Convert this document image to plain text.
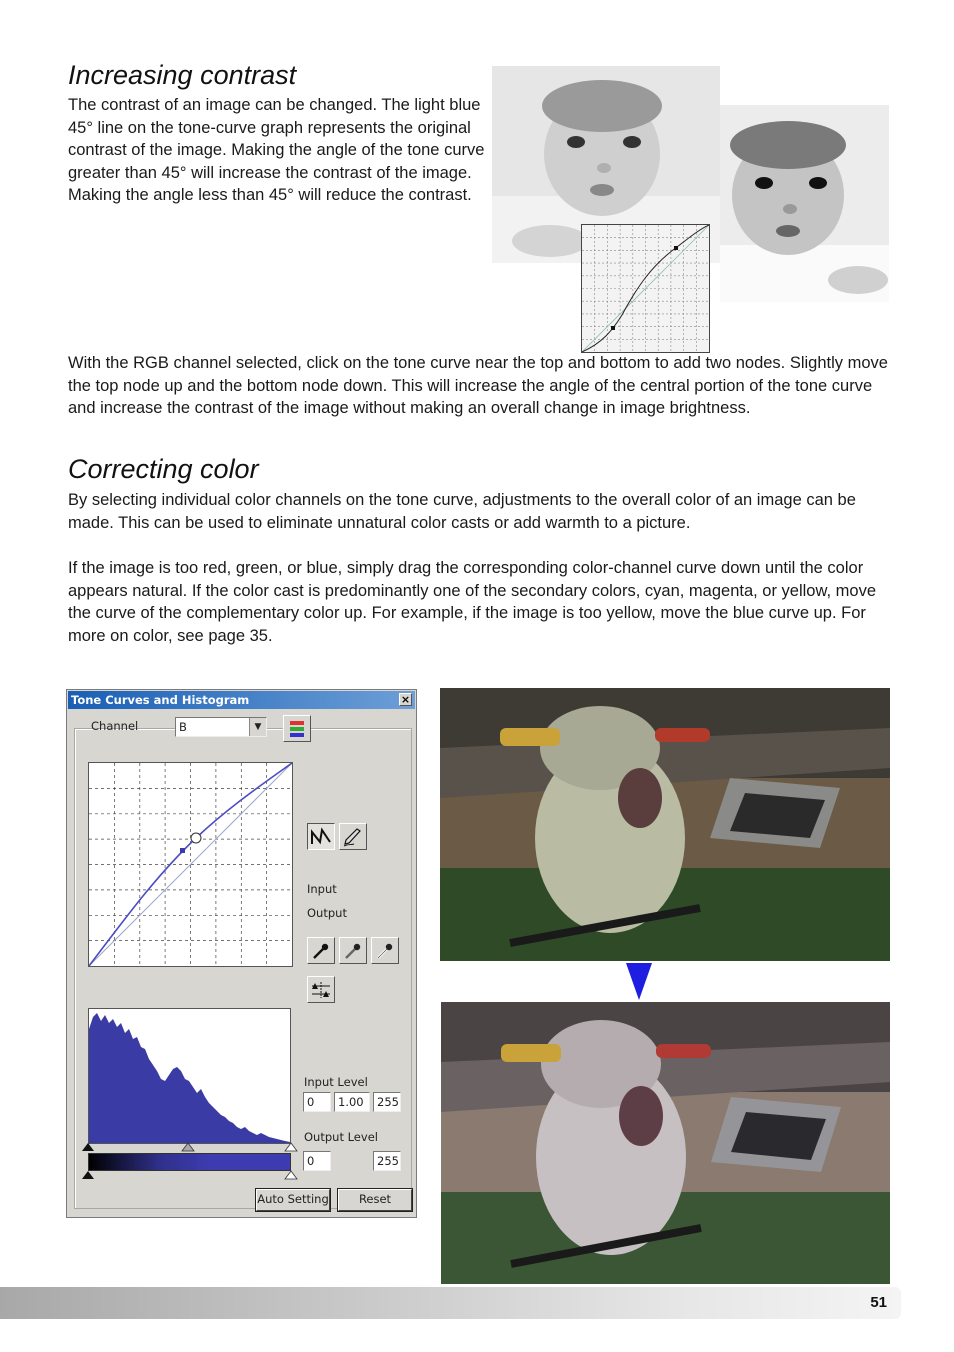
Increasing contrast

The contrast of an image can be changed. The light blue 45° line on the tone-curve graph represents the original contrast of the image. Making the angle of the tone curve greater than 45° will increase the contrast of the image. Making the angle less than 45° will reduce the contrast.

With the RGB channel selected, click on the tone curve near the top and bottom to add two nodes. Slightly move the top node up and the bottom node down. This will increase the angle of the central portion of the tone curve and increase the contrast of the image without making an overall change in image brightness.

Correcting color

By selecting individual color channels on the tone curve, adjustments to the overall color of an image can be made. This can be used to eliminate unnatural color casts or add warmth to a picture.

If the image is too red, green, or blue, simply drag the corresponding color-channel curve down until the color appears natural. If the color cast is predominantly one of the secondary colors, cyan, magenta, or yellow, move the curve of the complementary color up. For example, if the image is too yellow, move the blue curve up. For more on color, see page 35.

Tone Curves and Histogram	×
Channel	B	▼
Input
Output
Input Level
0	1.00	255
Output Level
0	255
Auto Setting	Reset
51
